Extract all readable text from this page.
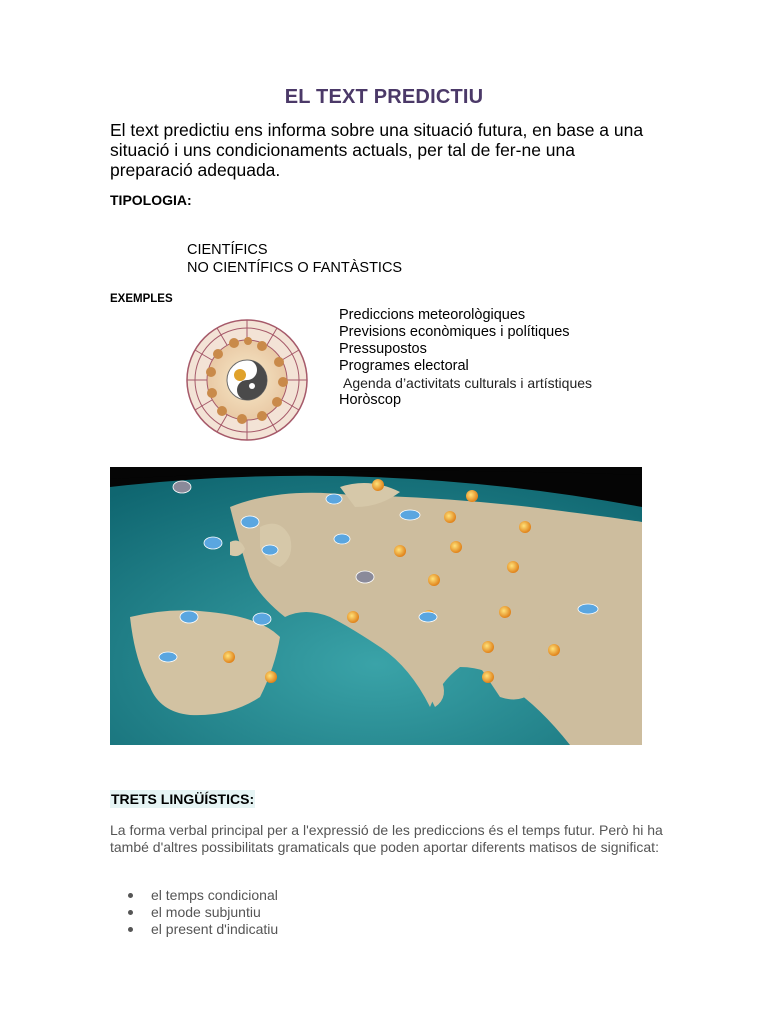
EL TEXT PREDICTIU
El text predictiu ens informa sobre una situació futura, en base a una situació i uns condicionaments actuals, per tal de fer-ne una preparació adequada.
TIPOLOGIA:
CIENTÍFICS
NO CIENTÍFICS O FANTÀSTICS
EXEMPLES
Prediccions meteorològiques
Previsions econòmiques i polítiques
Pressupostos
Programes electoral
Agenda d’activitats culturals i artístiques
Horòscop
TRETS LINGÜÍSTICS:
La forma verbal principal per a l'expressió de les prediccions és el temps futur. Però hi ha també d'altres possibilitats gramaticals que poden aportar diferents matisos de significat:
el temps condicional
el mode subjuntiu
el present d'indicatiu
